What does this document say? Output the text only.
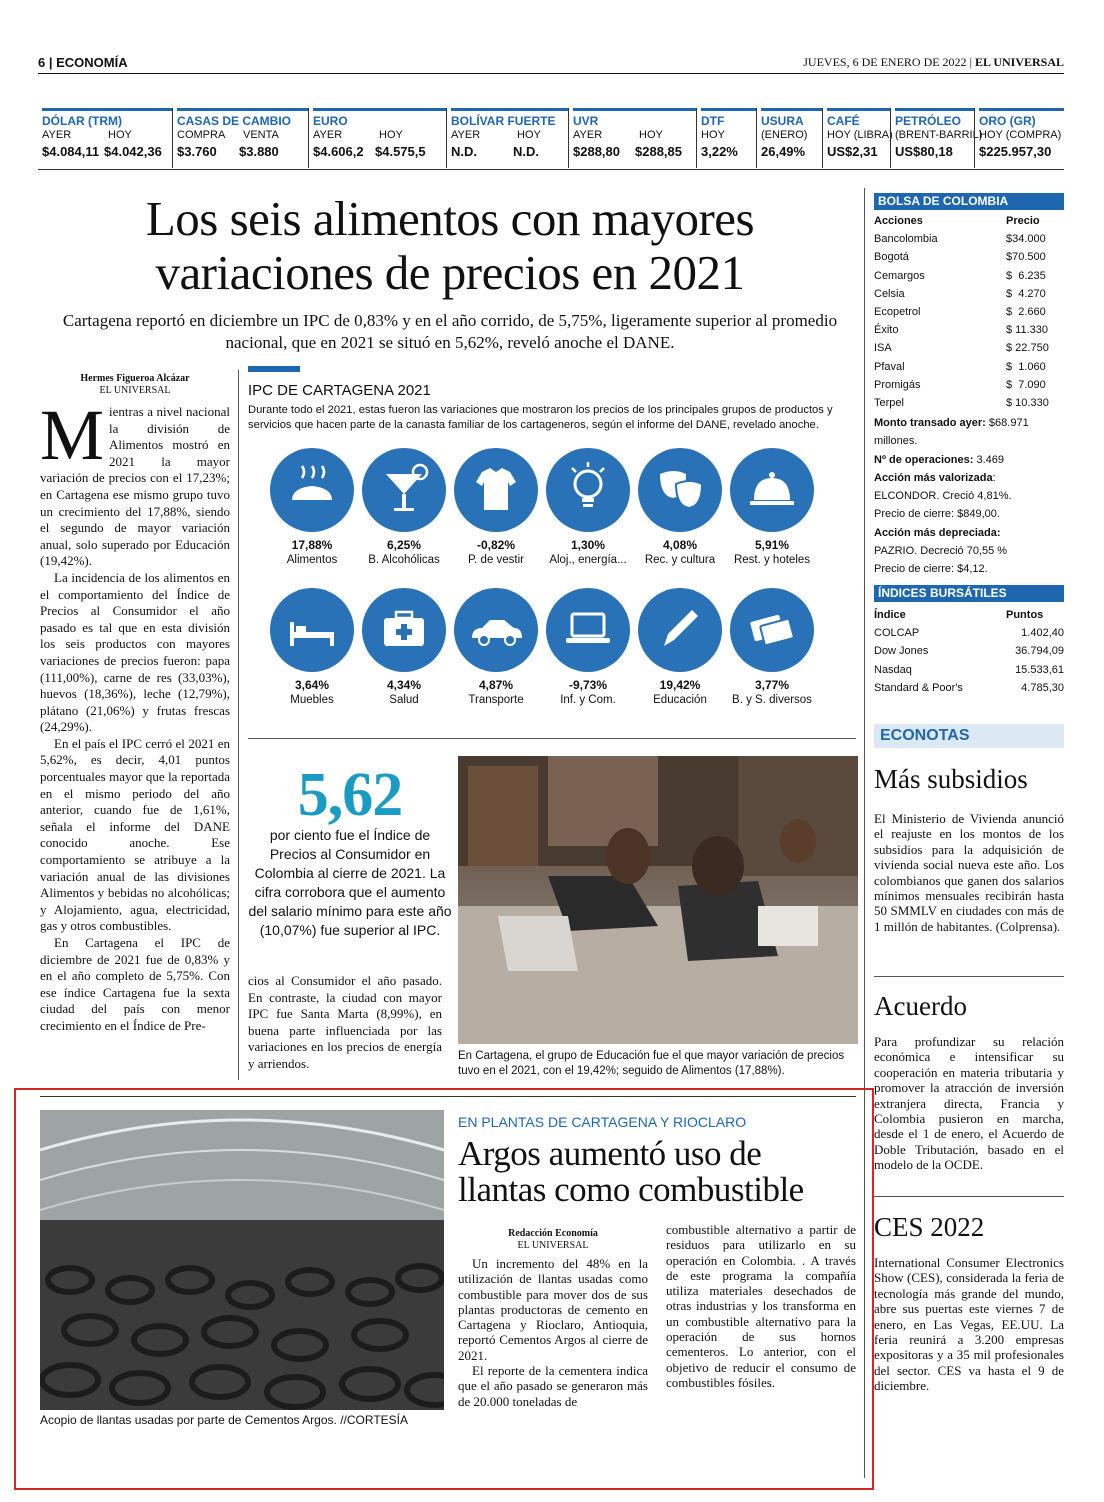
6 | ECONOMÍA	JUEVES, 6 DE ENERO DE 2022 | EL UNIVERSAL
DÓLAR (TRM)
AYER	HOY
$4.084,11 $4.042,36
CASAS DE CAMBIO
COMPRA	VENTA
$3.760	$3.880
EURO
AYER	HOY
$4.606,2 $4.575,5
BOLÍVAR FUERTE
AYER	HOY
N.D.	N.D.
UVR
AYER	HOY
$288,80	$288,85
DTF
HOY
3,22%
USURA
(ENERO)
26,49%
CAFÉ
HOY (LIBRA)
US$2,31
PETRÓLEO
(BRENT-BARRIL)
US$80,18
ORO (GR)
HOY (COMPRA)
$225.957,30
Los seis alimentos con mayores
variaciones de precios en 2021
Cartagena reportó en diciembre un IPC de 0,83% y en el año corrido, de 5,75%, ligeramente superior al promedio nacional, que en 2021 se situó en 5,62%, reveló anoche el DANE.
Hermes Figueroa Alcázar
EL UNIVERSAL

Mientras a nivel nacional la división de Alimentos mostró en 2021 la mayor variación de precios con el 17,23%; en Cartagena ese mismo grupo tuvo un crecimiento del 17,88%, siendo el segundo de mayor variación anual, solo superado por Educación (19,42%).

La incidencia de los alimentos en el comportamiento del Índice de Precios al Consumidor el año pasado es tal que en esta división los seis productos con mayores variaciones de precios fueron: papa (111,00%), carne de res (33,03%), huevos (18,36%), leche (12,79%), plátano (21,06%) y frutas frescas (24,29%).

En el país el IPC cerró el 2021 en 5,62%, es decir, 4,01 puntos porcentuales mayor que la reportada en el mismo periodo del año anterior, cuando fue de 1,61%, señala el informe del DANE conocido anoche. Ese comportamiento se atribuye a la variación anual de las divisiones Alimentos y bebidas no alcohólicas; y Alojamiento, agua, electricidad, gas y otros combustibles.

En Cartagena el IPC de diciembre de 2021 fue de 0,83% y en el año completo de 5,75%. Con ese índice Cartagena fue la sexta ciudad del país con menor crecimiento en el Índice de Pre-

IPC DE CARTAGENA 2021
Durante todo el 2021, estas fueron las variaciones que mostraron los precios de los principales grupos de productos y servicios que hacen parte de la canasta familiar de los cartageneros, según el informe del DANE, revelado anoche.
17,88%
Alimentos
6,25%
B. Alcohólicas
-0,82%
P. de vestir
1,30%
Aloj., energía...
4,08%
Rec. y cultura
5,91%
Rest. y hoteles
3,64%
Muebles
4,34%
Salud
4,87%
Transporte
-9,73%
Inf. y Com.
19,42%
Educación
3,77%
B. y S. diversos
5,62
por ciento fue el Índice de Precios al Consumidor en Colombia al cierre de 2021. La cifra corrobora que el aumento del salario mínimo para este año (10,07%) fue superior al IPC.

cios al Consumidor el año pasado. En contraste, la ciudad con mayor IPC fue Santa Marta (8,99%), en buena parte influenciada por las variaciones en los precios de energía y arriendos.	En Cartagena, el grupo de Educación fue el que mayor variación de precios tuvo en el 2021, con el 19,42%; seguido de Alimentos (17,88%).
Acopio de llantas usadas por parte de Cementos Argos. //CORTESÍA
EN PLANTAS DE CARTAGENA Y RIOCLARO
Argos aumentó uso de
llantas como combustible
Redacción Economía
EL UNIVERSAL

Un incremento del 48% en la utilización de llantas usadas como combustible para mover dos de sus plantas productoras de cemento en Cartagena y Rioclaro, Antioquia, reportó Cementos Argos al cierre de 2021.

El reporte de la cementera indica que el año pasado se generaron más de 20.000 toneladas de

combustible alternativo a partir de residuos para utilizarlo en su operación en Colombia. . A través de este programa la compañía utiliza materiales desechados de otras industrias y los transforma en un combustible alternativo para la operación de sus hornos cementeros. Lo anterior, con el objetivo de reducir el consumo de combustibles fósiles.

BOLSA DE COLOMBIA
Acciones	Precio
Bancolombia	$34.000
Bogotá	$70.500
Cemargos	$  6.235
Celsia	$  4.270
Ecopetrol	$  2.660
Éxito	$ 11.330
ISA	$ 22.750
Pfaval	$  1.060
Promigás	$  7.090
Terpel	$ 10.330
Monto transado ayer: $68.971 millones.
Nº de operaciones: 3.469
Acción más valorizada:
ELCONDOR. Creció 4,81%.
Precio de cierre: $849,00.
Acción más depreciada:
PAZRIO. Decreció 70,55 %
Precio de cierre: $4,12.
ÍNDICES BURSÁTILES
Índice	Puntos
COLCAP	1.402,40
Dow Jones	36.794,09
Nasdaq	15.533,61
Standard & Poor's	4.785,30
ECONOTAS
Más subsidios
El Ministerio de Vivienda anunció el reajuste en los montos de los subsidios para la adquisición de vivienda social nueva este año. Los colombianos que ganen dos salarios mínimos mensuales recibirán hasta 50 SMMLV en ciudades con más de 1 millón de habitantes. (Colprensa).
Acuerdo
Para profundizar su relación económica e intensificar su cooperación en materia tributaria y promover la atracción de inversión extranjera directa, Francia y Colombia pusieron en marcha, desde el 1 de enero, el Acuerdo de Doble Tributación, basado en el modelo de la OCDE.
CES 2022
International Consumer Electronics Show (CES), considerada la feria de tecnología más grande del mundo, abre sus puertas este viernes 7 de enero, en Las Vegas, EE.UU. La feria reunirá a 3.200 empresas expositoras y a 35 mil profesionales del sector. CES va hasta el 9 de diciembre.
